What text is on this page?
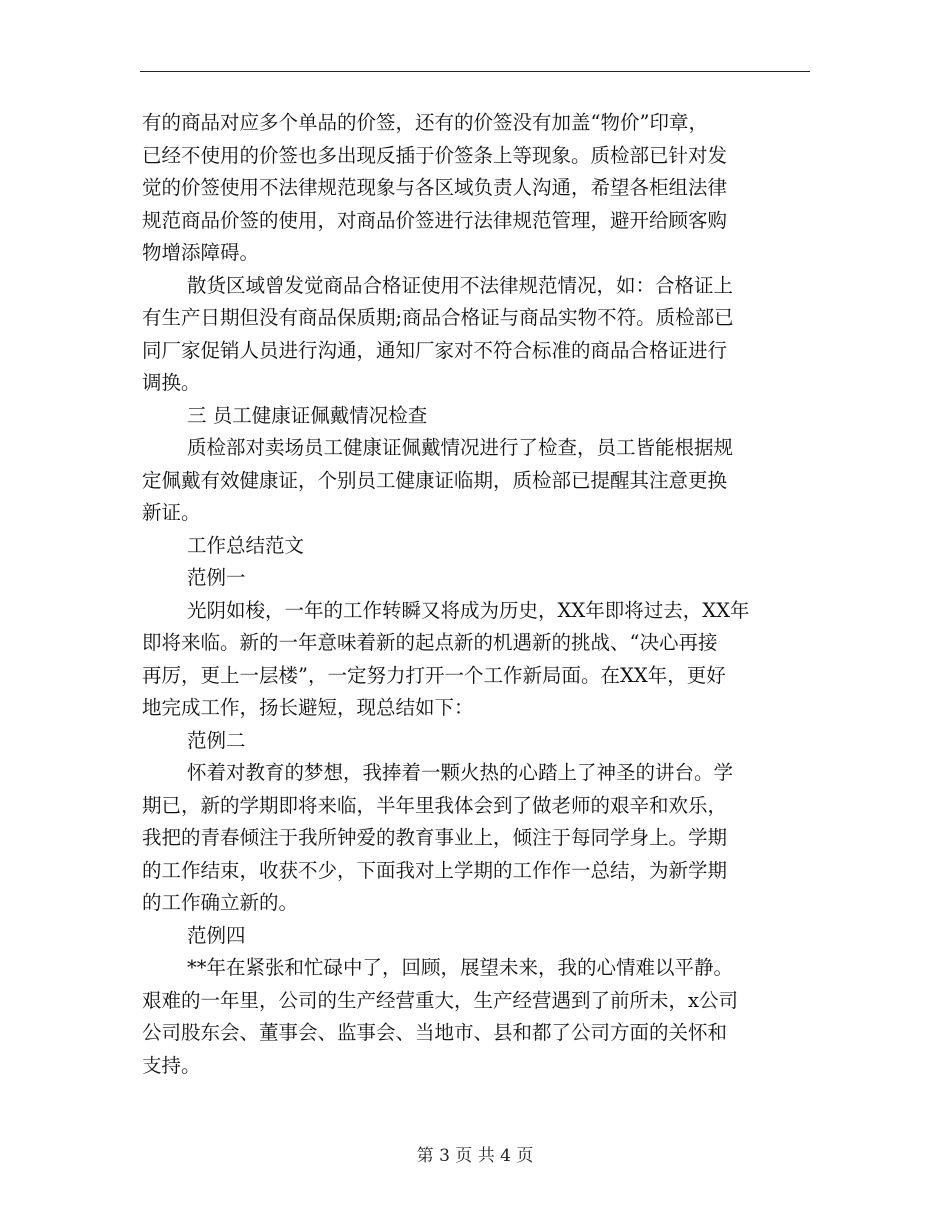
有的商品对应多个单品的价签，还有的价签没有加盖“物价”印章，
已经不使用的价签也多出现反插于价签条上等现象。质检部已针对发
觉的价签使用不法律规范现象与各区域负责人沟通，希望各柜组法律
规范商品价签的使用，对商品价签进行法律规范管理，避开给顾客购
物增添障碍。
散货区域曾发觉商品合格证使用不法律规范情况，如：合格证上
有生产日期但没有商品保质期;商品合格证与商品实物不符。质检部已
同厂家促销人员进行沟通，通知厂家对不符合标准的商品合格证进行
调换。
三 员工健康证佩戴情况检查
质检部对卖场员工健康证佩戴情况进行了检查，员工皆能根据规
定佩戴有效健康证，个别员工健康证临期，质检部已提醒其注意更换
新证。
工作总结范文
范例一
光阴如梭，一年的工作转瞬又将成为历史，XX年即将过去，XX年
即将来临。新的一年意味着新的起点新的机遇新的挑战、“决心再接
再厉，更上一层楼”，一定努力打开一个工作新局面。在XX年，更好
地完成工作，扬长避短，现总结如下：
范例二
怀着对教育的梦想，我捧着一颗火热的心踏上了神圣的讲台。学
期已，新的学期即将来临，半年里我体会到了做老师的艰辛和欢乐，
我把的青春倾注于我所钟爱的教育事业上，倾注于每同学身上。学期
的工作结束，收获不少，下面我对上学期的工作作一总结，为新学期
的工作确立新的。
范例四
**年在紧张和忙碌中了，回顾，展望未来，我的心情难以平静。
艰难的一年里，公司的生产经营重大，生产经营遇到了前所未，x公司
公司股东会、董事会、监事会、当地市、县和都了公司方面的关怀和
支持。
第 3 页 共 4 页
